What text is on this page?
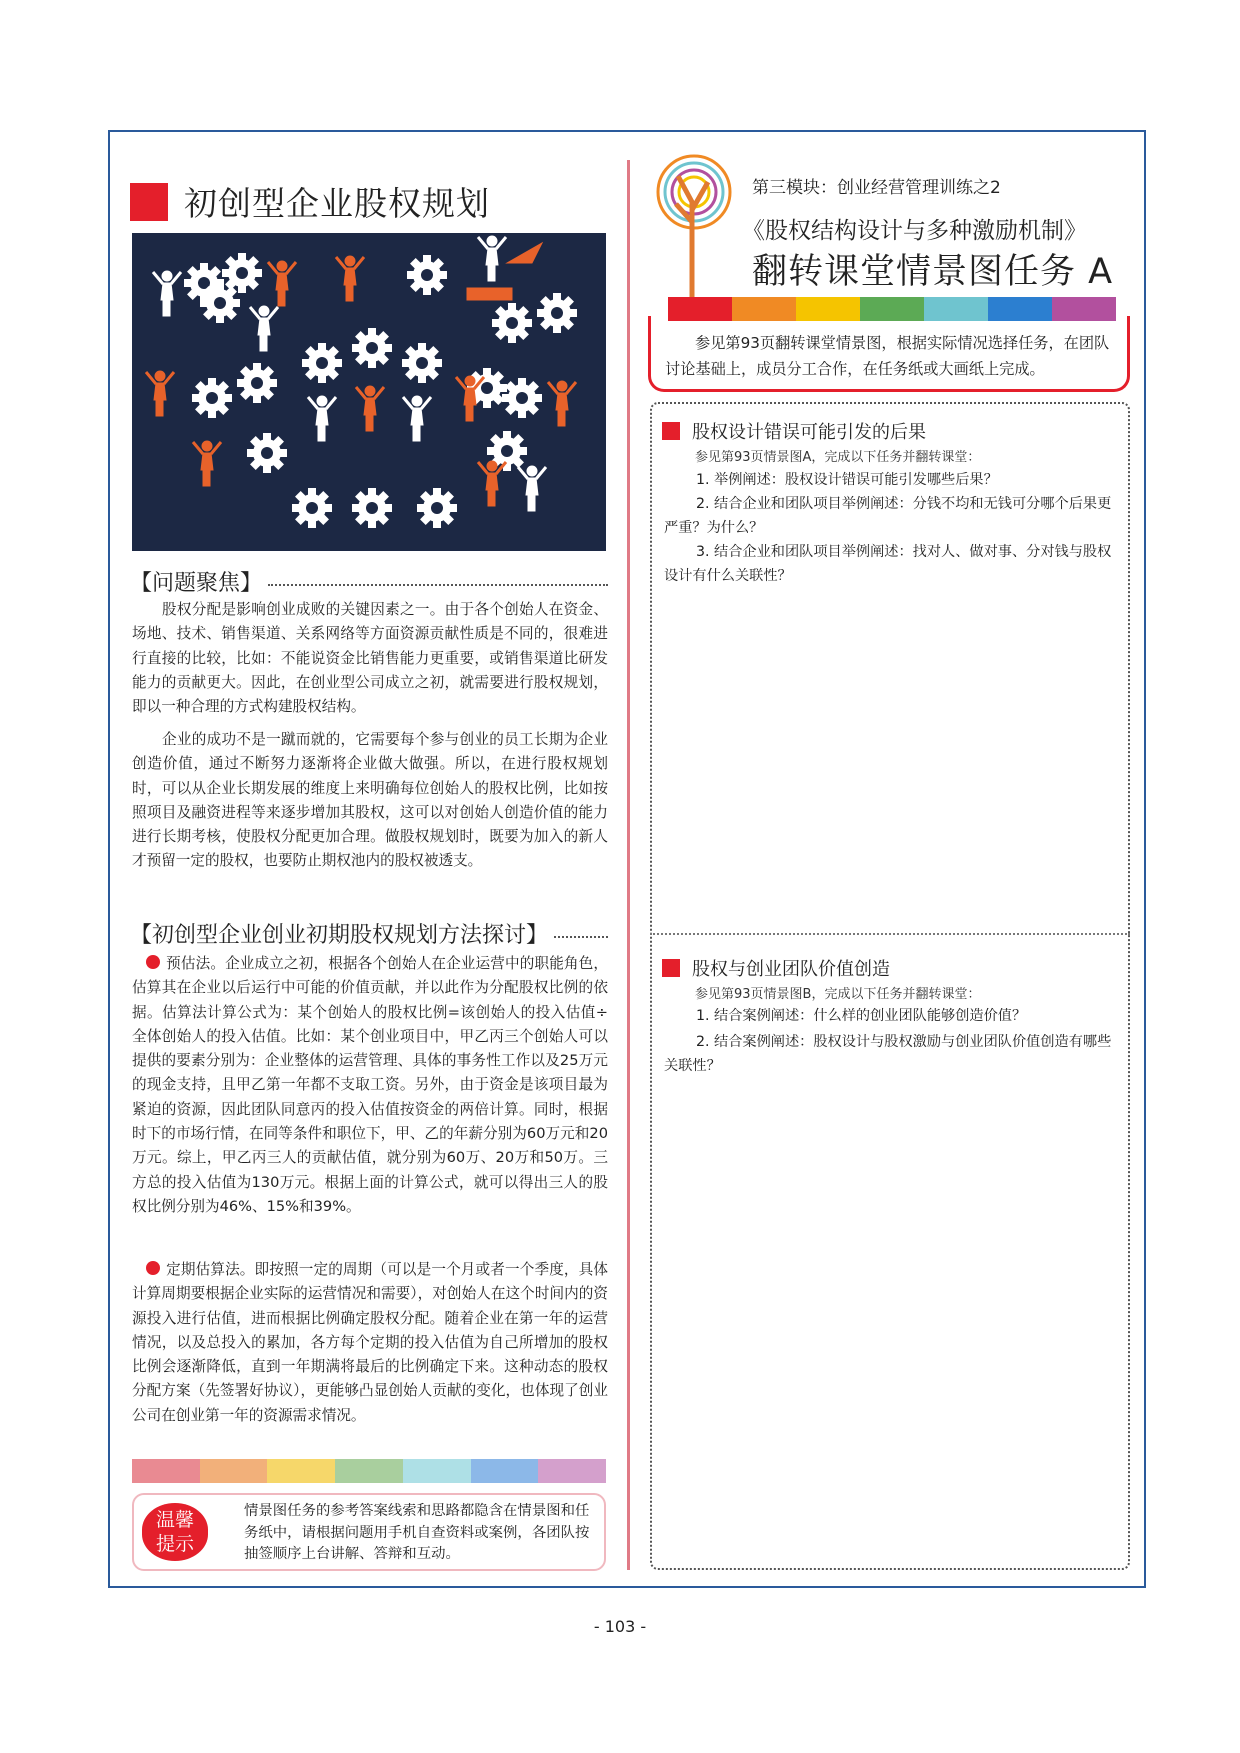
初创型企业股权规划
【问题聚焦】

股权分配是影响创业成败的关键因素之一。由于各个创始人在资金、场地、技术、销售渠道、关系网络等方面资源贡献性质是不同的，很难进行直接的比较，比如：不能说资金比销售能力更重要，或销售渠道比研发能力的贡献更大。因此，在创业型公司成立之初，就需要进行股权规划，即以一种合理的方式构建股权结构。

企业的成功不是一蹴而就的，它需要每个参与创业的员工长期为企业创造价值，通过不断努力逐渐将企业做大做强。所以，在进行股权规划时，可以从企业长期发展的维度上来明确每位创始人的股权比例，比如按照项目及融资进程等来逐步增加其股权，这可以对创始人创造价值的能力进行长期考核，使股权分配更加合理。做股权规划时，既要为加入的新人才预留一定的股权，也要防止期权池内的股权被透支。

【初创型企业创业初期股权规划方法探讨】

预估法。企业成立之初，根据各个创始人在企业运营中的职能角色，估算其在企业以后运行中可能的价值贡献，并以此作为分配股权比例的依据。估算法计算公式为：某个创始人的股权比例=该创始人的投入估值÷全体创始人的投入估值。比如：某个创业项目中，甲乙丙三个创始人可以提供的要素分别为：企业整体的运营管理、具体的事务性工作以及25万元的现金支持，且甲乙第一年都不支取工资。另外，由于资金是该项目最为紧迫的资源，因此团队同意丙的投入估值按资金的两倍计算。同时，根据时下的市场行情，在同等条件和职位下，甲、乙的年薪分别为60万元和20万元。综上，甲乙丙三人的贡献估值，就分别为60万、20万和50万。三方总的投入估值为130万元。根据上面的计算公式，就可以得出三人的股权比例分别为46%、15%和39%。

定期估算法。即按照一定的周期（可以是一个月或者一个季度，具体计算周期要根据企业实际的运营情况和需要），对创始人在这个时间内的资源投入进行估值，进而根据比例确定股权分配。随着企业在第一年的运营情况，以及总投入的累加，各方每个定期的投入估值为自己所增加的股权比例会逐渐降低，直到一年期满将最后的比例确定下来。这种动态的股权分配方案（先签署好协议），更能够凸显创始人贡献的变化，也体现了创业公司在创业第一年的资源需求情况。

温馨
提示
情景图任务的参考答案线索和思路都隐含在情景图和任务纸中，请根据问题用手机自查资料或案例，各团队按抽签顺序上台讲解、答辩和互动。
第三模块：创业经营管理训练之2
《股权结构设计与多种激励机制》
翻转课堂情景图任务 A
参见第93页翻转课堂情景图，根据实际情况选择任务，在团队讨论基础上，成员分工合作，在任务纸或大画纸上完成。
股权设计错误可能引发的后果
参见第93页情景图A，完成以下任务并翻转课堂：

1. 举例阐述：股权设计错误可能引发哪些后果？

2. 结合企业和团队项目举例阐述：分钱不均和无钱可分哪个后果更严重？为什么？

3. 结合企业和团队项目举例阐述：找对人、做对事、分对钱与股权设计有什么关联性？

股权与创业团队价值创造
参见第93页情景图B，完成以下任务并翻转课堂：

1. 结合案例阐述：什么样的创业团队能够创造价值？

2. 结合案例阐述：股权设计与股权激励与创业团队价值创造有哪些关联性？

- 103 -
